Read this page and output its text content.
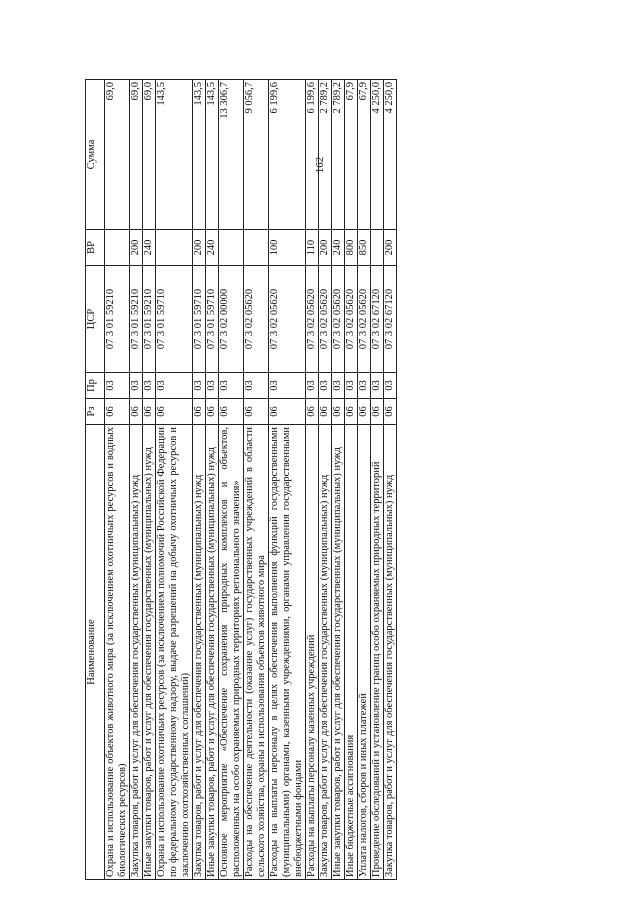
162
Наименование	Рз	Пр	ЦСР	ВР	Сумма
Охрана и использование объектов животного мира (за исключением охотничьих ресурсов и водных биологических ресурсов)	06	03	07 3 01 59210		69,0
Закупка товаров, работ и услуг для обеспечения государственных (муниципальных) нужд	06	03	07 3 01 59210	200	69,0
Иные закупки товаров, работ и услуг для обеспечения государственных (муниципальных) нужд	06	03	07 3 01 59210	240	69,0
Охрана и использование охотничьих ресурсов (за исключением полномочий Российской Федерации по федеральному государственному надзору, выдаче разрешений на добычу охотничьих ресурсов и заключению охотхозяйственных соглашений)	06	03	07 3 01 59710		143,5
Закупка товаров, работ и услуг для обеспечения государственных (муниципальных) нужд	06	03	07 3 01 59710	200	143,5
Иные закупки товаров, работ и услуг для обеспечения государственных (муниципальных) нужд	06	03	07 3 01 59710	240	143,5
Основное мероприятие «Обеспечение сохранения природных комплексов и объектов, расположенных на особо охраняемых природных территориях регионального значения»	06	03	07 3 02 00000		13 306,7
Расходы на обеспечение деятельности (оказание услуг) государственных учреждений в области сельского хозяйства, охраны и использования объектов животного мира	06	03	07 3 02 05620		9 056,7
Расходы на выплаты персоналу в целях обеспечения выполнения функций государственными (муниципальными) органами, казенными учреждениями, органами управления государственными внебюджетными фондами	06	03	07 3 02 05620	100	6 199,6
Расходы на выплаты персоналу казенных учреждений	06	03	07 3 02 05620	110	6 199,6
Закупка товаров, работ и услуг для обеспечения государственных (муниципальных) нужд	06	03	07 3 02 05620	200	2 789,2
Иные закупки товаров, работ и услуг для обеспечения государственных (муниципальных) нужд	06	03	07 3 02 05620	240	2 789,2
Иные бюджетные ассигнования	06	03	07 3 02 05620	800	67,9
Уплата налогов, сборов и иных платежей	06	03	07 3 02 05620	850	67,9
Проведение обследований и установление границ особо охраняемых природных территорий	06	03	07 3 02 67120		4 250,0
Закупка товаров, работ и услуг для обеспечения государственных (муниципальных) нужд	06	03	07 3 02 67120	200	4 250,0
